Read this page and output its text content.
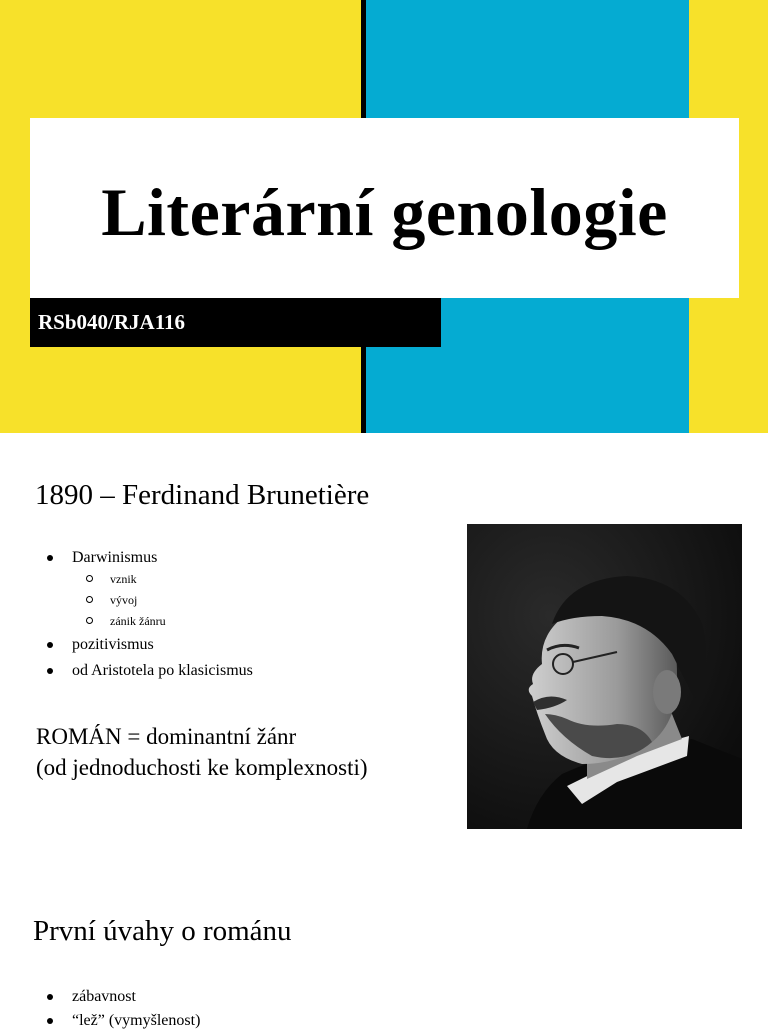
Literární genologie
RSb040/RJA116
1890 – Ferdinand Brunetière
Darwinismus
vznik
vývoj
zánik žánru
pozitivismus
od Aristotela po klasicismus
ROMÁN = dominantní žánr
(od jednoduchosti ke komplexnosti)
První úvahy o románu
zábavnost
“lež” (vymyšlenost)
